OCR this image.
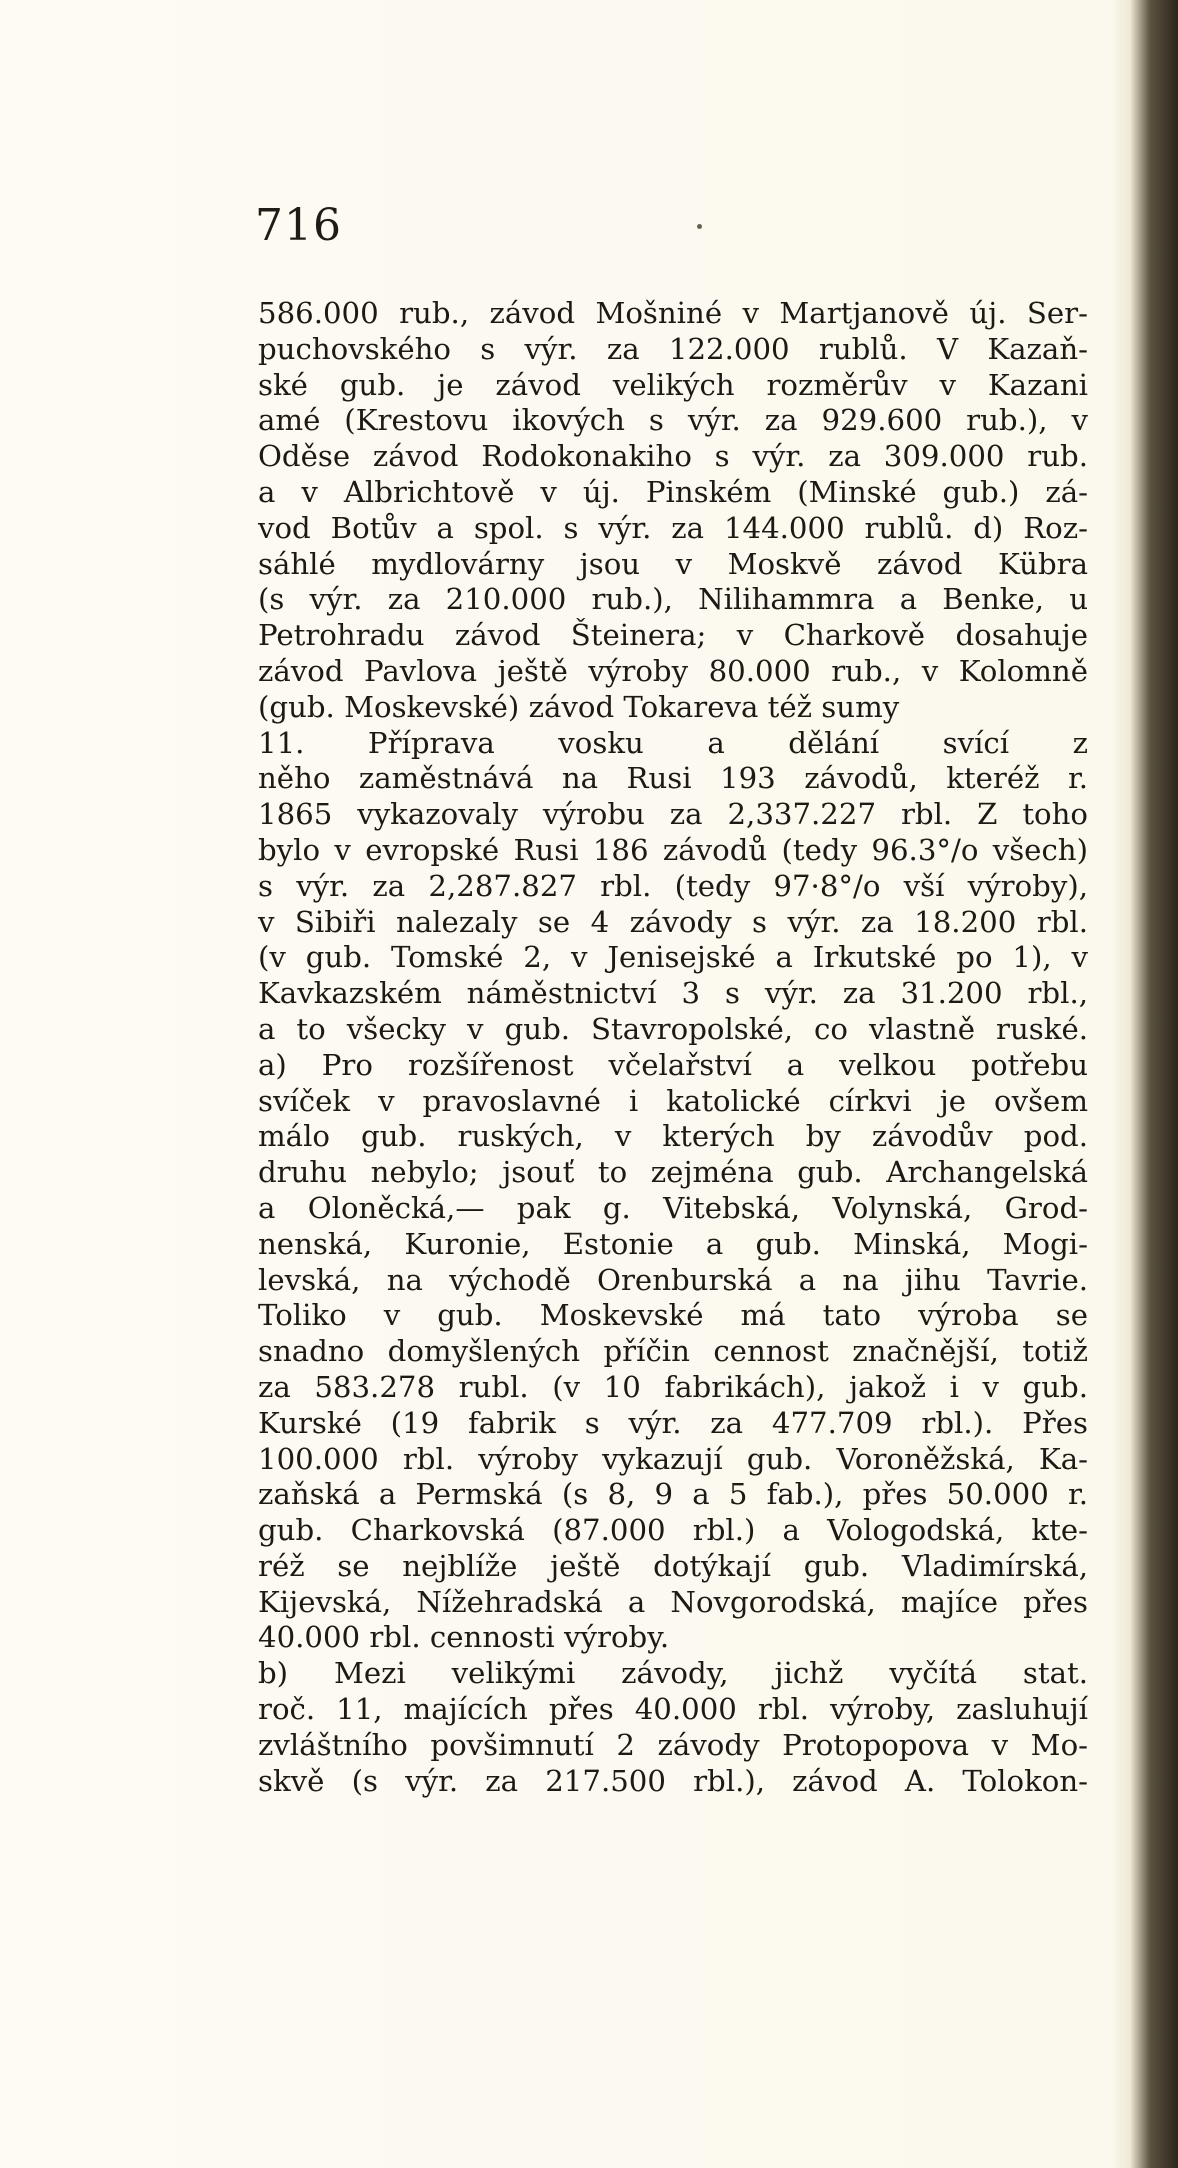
716
586.000 rub., závod Mošniné v Martjanově új. Ser-
puchovského s výr. za 122.000 rublů. V Kazaň-
ské gub. je závod velikých rozměrův v Kazani
amé (Krestovu ikových s výr. za 929.600 rub.), v
Oděse závod Rodokonakiho s výr. za 309.000 rub.
a v Albrichtově v új. Pinském (Minské gub.) zá-
vod Botův a spol. s výr. za 144.000 rublů. d) Roz-
sáhlé mydlovárny jsou v Moskvě závod Kübra
(s výr. za 210.000 rub.), Nilihammra a Benke, u
Petrohradu závod Šteinera; v Charkově dosahuje
závod Pavlova ještě výroby 80.000 rub., v Kolomně
(gub. Moskevské) závod Tokareva též sumy
11. Příprava vosku a dělání svící z
něho zaměstnává na Rusi 193 závodů, kteréž r.
1865 vykazovaly výrobu za 2,337.227 rbl. Z toho
bylo v evropské Rusi 186 závodů (tedy 96.3°/o všech)
s výr. za 2,287.827 rbl. (tedy 97·8°/o vší výroby),
v Sibiři nalezaly se 4 závody s výr. za 18.200 rbl.
(v gub. Tomské 2, v Jenisejské a Irkutské po 1), v
Kavkazském náměstnictví 3 s výr. za 31.200 rbl.,
a to všecky v gub. Stavropolské, co vlastně ruské.
a) Pro rozšířenost včelařství a velkou potřebu
svíček v pravoslavné i katolické církvi je ovšem
málo gub. ruských, v kterých by závodův pod.
druhu nebylo; jsouť to zejména gub. Archangelská
a Oloněcká,— pak g. Vitebská, Volynská, Grod-
nenská, Kuronie, Estonie a gub. Minská, Mogi-
levská, na východě Orenburská a na jihu Tavrie.
Toliko v gub. Moskevské má tato výroba se
snadno domyšlených příčin cennost značnější, totiž
za 583.278 rubl. (v 10 fabrikách), jakož i v gub.
Kurské (19 fabrik s výr. za 477.709 rbl.). Přes
100.000 rbl. výroby vykazují gub. Voroněžská, Ka-
zaňská a Permská (s 8, 9 a 5 fab.), přes 50.000 r.
gub. Charkovská (87.000 rbl.) a Vologodská, kte-
réž se nejblíže ještě dotýkají gub. Vladimírská,
Kijevská, Nížehradská a Novgorodská, majíce přes
40.000 rbl. cennosti výroby.
b) Mezi velikými závody, jichž vyčítá stat.
roč. 11, majících přes 40.000 rbl. výroby, zasluhují
zvláštního povšimnutí 2 závody Protopopova v Mo-
skvě (s výr. za 217.500 rbl.), závod A. Tolokon-
